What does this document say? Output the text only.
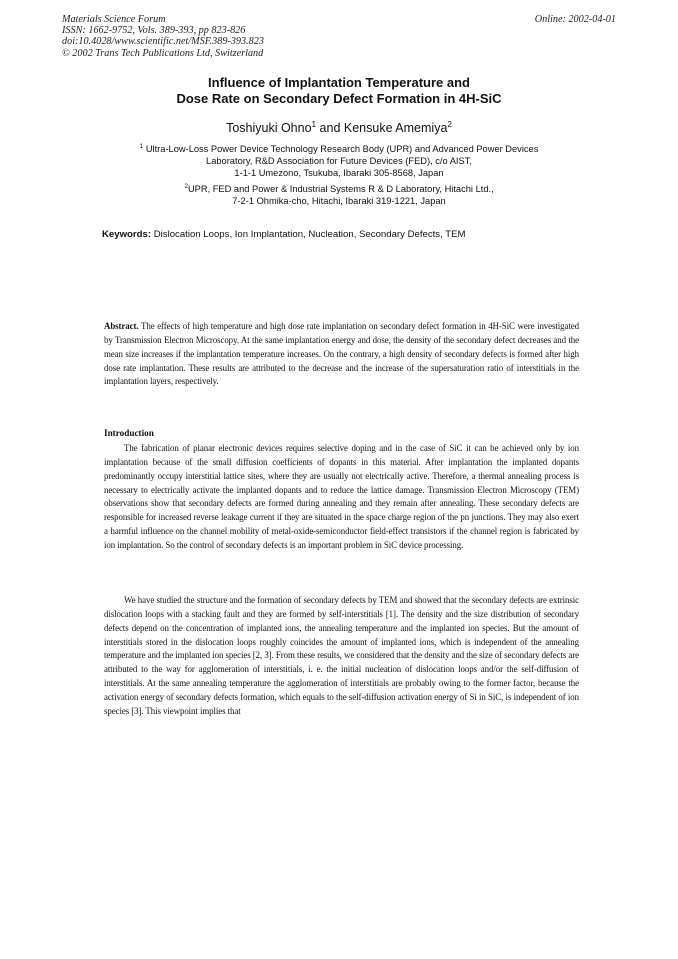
Materials Science Forum
ISSN: 1662-9752, Vols. 389-393, pp 823-826
doi:10.4028/www.scientific.net/MSF.389-393.823
© 2002 Trans Tech Publications Ltd, Switzerland
Online: 2002-04-01
Influence of Implantation Temperature and
Dose Rate on Secondary Defect Formation in 4H-SiC
Toshiyuki Ohno$^1$ and Kensuke Amemiya$^2$
$^1$ Ultra-Low-Loss Power Device Technology Research Body (UPR) and Advanced Power Devices
Laboratory, R&D Association for Future Devices (FED), c/o AIST,
1-1-1 Umezono, Tsukuba, Ibaraki 305-8568, Japan
$^2$UPR, FED and Power & Industrial Systems R & D Laboratory, Hitachi Ltd.,
7-2-1 Ohmika-cho, Hitachi, Ibaraki 319-1221, Japan
Keywords: Dislocation Loops, Ion Implantation, Nucleation, Secondary Defects, TEM
Abstract. The effects of high temperature and high dose rate implantation on secondary defect formation in 4H-SiC were investigated by Transmission Electron Microscopy. At the same implantation energy and dose, the density of the secondary defect decreases and the mean size increases if the implantation temperature increases. On the contrary, a high density of secondary defects is formed after high dose rate implantation. These results are attributed to the decrease and the increase of the supersaturation ratio of interstitials in the implantation layers, respectively.
Introduction

The fabrication of planar electronic devices requires selective doping and in the case of SiC it can be achieved only by ion implantation because of the small diffusion coefficients of dopants in this material. After implantation the implanted dopants predominantly occupy interstitial lattice sites, where they are usually not electrically active. Therefore, a thermal annealing process is necessary to electrically activate the implanted dopants and to reduce the lattice damage. Transmission Electron Microscopy (TEM) observations show that secondary defects are formed during annealing and they remain after annealing. These secondary defects are responsible for increased reverse leakage current if they are situated in the space charge region of the pn junctions. They may also exert a harmful influence on the channel mobility of metal-oxide-semiconductor field-effect transistors if the channel region is fabricated by ion implantation. So the control of secondary defects is an important problem in SiC device processing.

We have studied the structure and the formation of secondary defects by TEM and showed that the secondary defects are extrinsic dislocation loops with a stacking fault and they are formed by self-interstitials [1]. The density and the size distribution of secondary defects depend on the concentration of implanted ions, the annealing temperature and the implanted ion species. But the amount of interstitials stored in the dislocation loops roughly coincides the amount of implanted ions, which is independent of the annealing temperature and the implanted ion species [2, 3]. From these results, we considered that the density and the size of secondary defects are attributed to the way for agglomeration of interstitials, i. e. the initial nucleation of dislocation loops and/or the self-diffusion of interstitials. At the same annealing temperature the agglomeration of interstitials are probably owing to the former factor, because the activation energy of secondary defects formation, which equals to the self-diffusion activation energy of Si in SiC, is independent of ion species [3]. This viewpoint implies that
